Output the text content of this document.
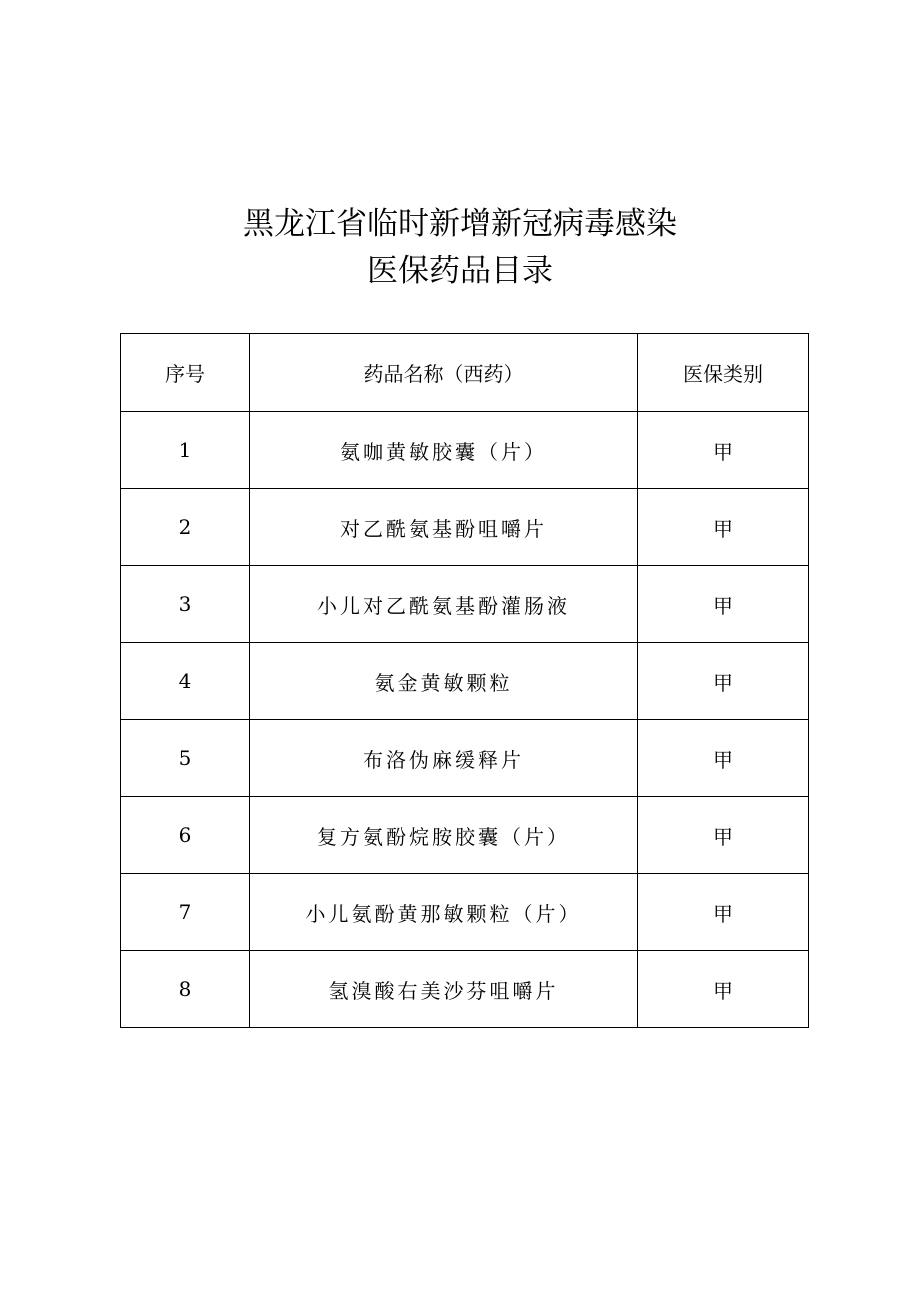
黑龙江省临时新增新冠病毒感染
医保药品目录
序号	药品名称（西药）	医保类别
1	氨咖黄敏胶囊（片）	甲
2	对乙酰氨基酚咀嚼片	甲
3	小儿对乙酰氨基酚灌肠液	甲
4	氨金黄敏颗粒	甲
5	布洛伪麻缓释片	甲
6	复方氨酚烷胺胶囊（片）	甲
7	小儿氨酚黄那敏颗粒（片）	甲
8	氢溴酸右美沙芬咀嚼片	甲
